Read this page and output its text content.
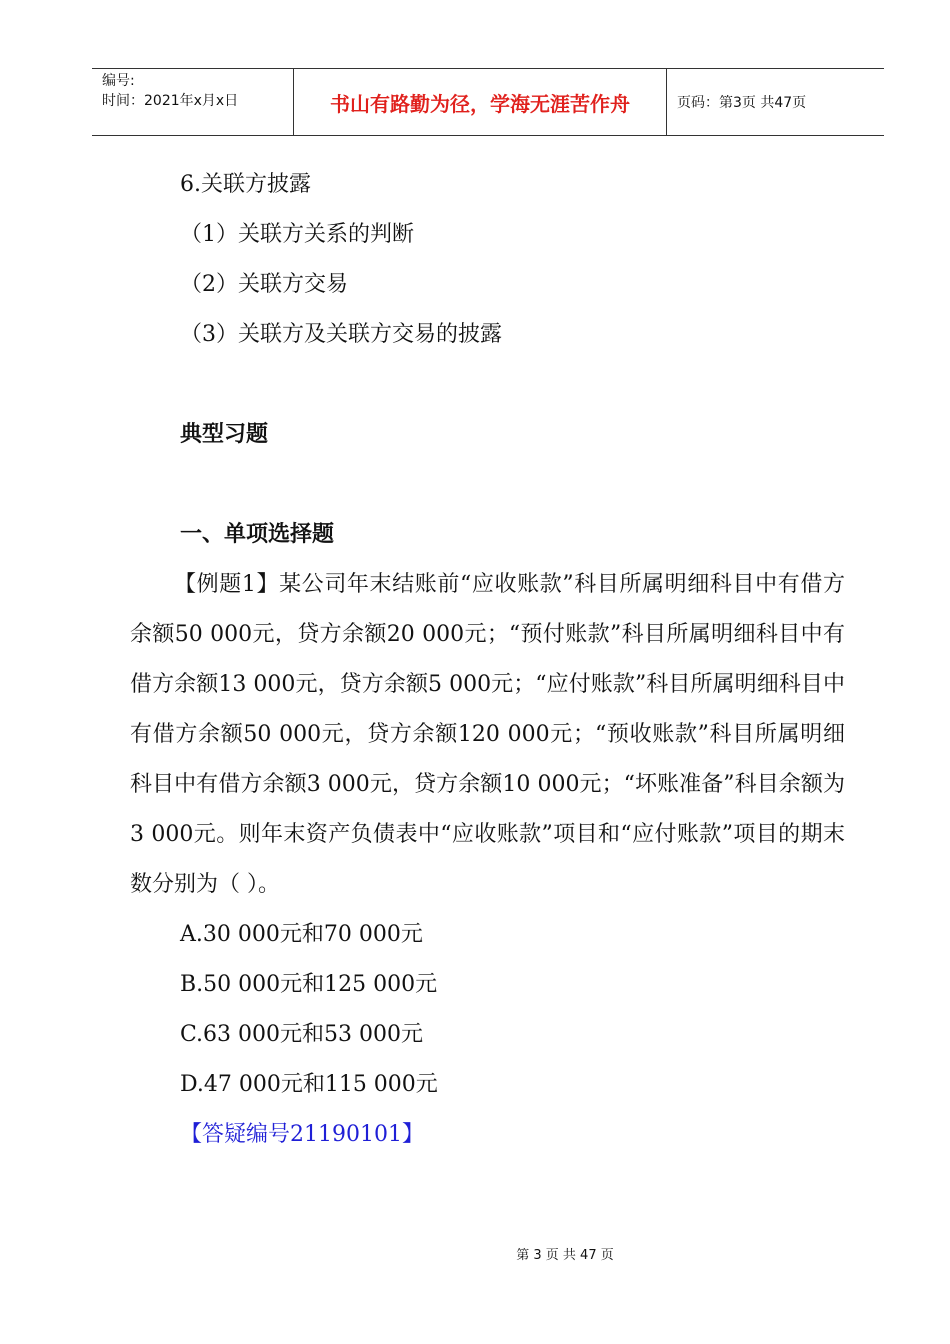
编号:
时间：2021年x月x日	书山有路勤为径，学海无涯苦作舟	页码：第3页 共47页
6.关联方披露
（1）关联方关系的判断
（2）关联方交易
（3）关联方及关联方交易的披露
典型习题
一、单项选择题
【例题1】某公司年末结账前“应收账款”科目所属明细科目中有借方余额50 000元，贷方余额20 000元；“预付账款”科目所属明细科目中有借方余额13 000元，贷方余额5 000元；“应付账款”科目所属明细科目中有借方余额50 000元，贷方余额120 000元；“预收账款”科目所属明细科目中有借方余额3 000元，贷方余额10 000元；“坏账准备”科目余额为3 000元。则年末资产负债表中“应收账款”项目和“应付账款”项目的期末数分别为（ ）。
A.30 000元和70 000元
B.50 000元和125 000元
C.63 000元和53 000元
D.47 000元和115 000元
【答疑编号21190101】
第 3 页 共 47 页
